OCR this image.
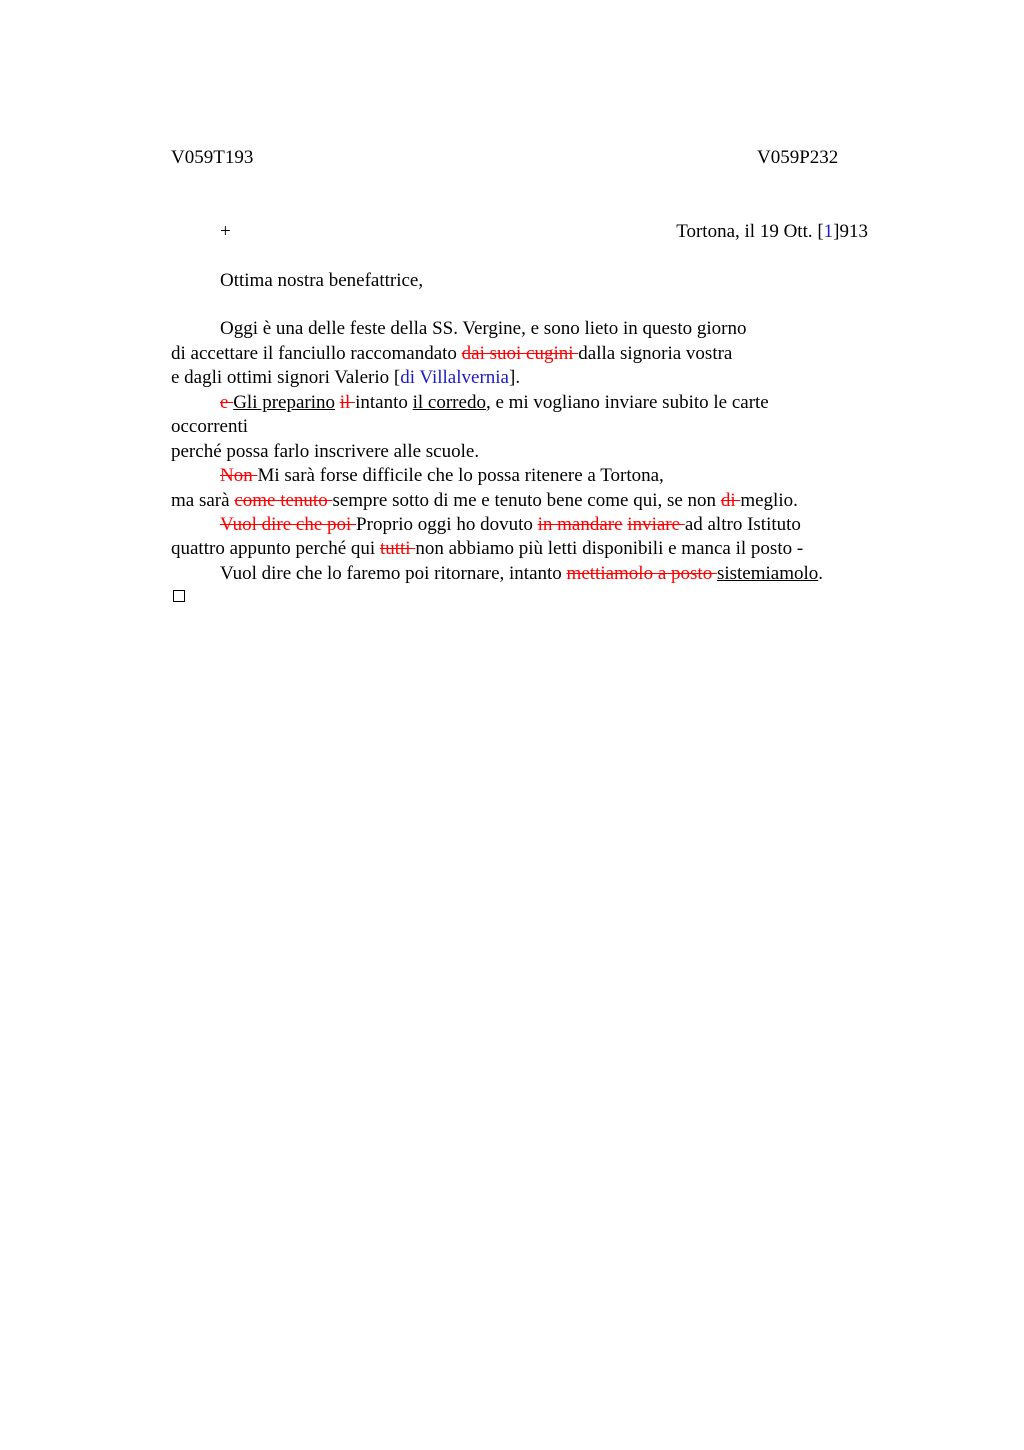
V059T193	V059P232
+	Tortona, il 19 Ott. [1]913
Ottima nostra benefattrice,
Oggi è una delle feste della SS. Vergine, e sono lieto in questo giorno
di accettare il fanciullo raccomandato dai suoi cugini dalla signoria vostra
e dagli ottimi signori Valerio [di Villalvernia].
e Gli preparino il intanto il corredo, e mi vogliano inviare subito le carte
occorrenti
perché possa farlo inscrivere alle scuole.
Non Mi sarà forse difficile che lo possa ritenere a Tortona,
ma sarà come tenuto sempre sotto di me e tenuto bene come qui, se non di meglio.
Vuol dire che poi Proprio oggi ho dovuto in mandare inviare ad altro Istituto
quattro appunto perché qui tutti non abbiamo più letti disponibili e manca il posto -
Vuol dire che lo faremo poi ritornare, intanto mettiamolo a posto sistemiamolo.
